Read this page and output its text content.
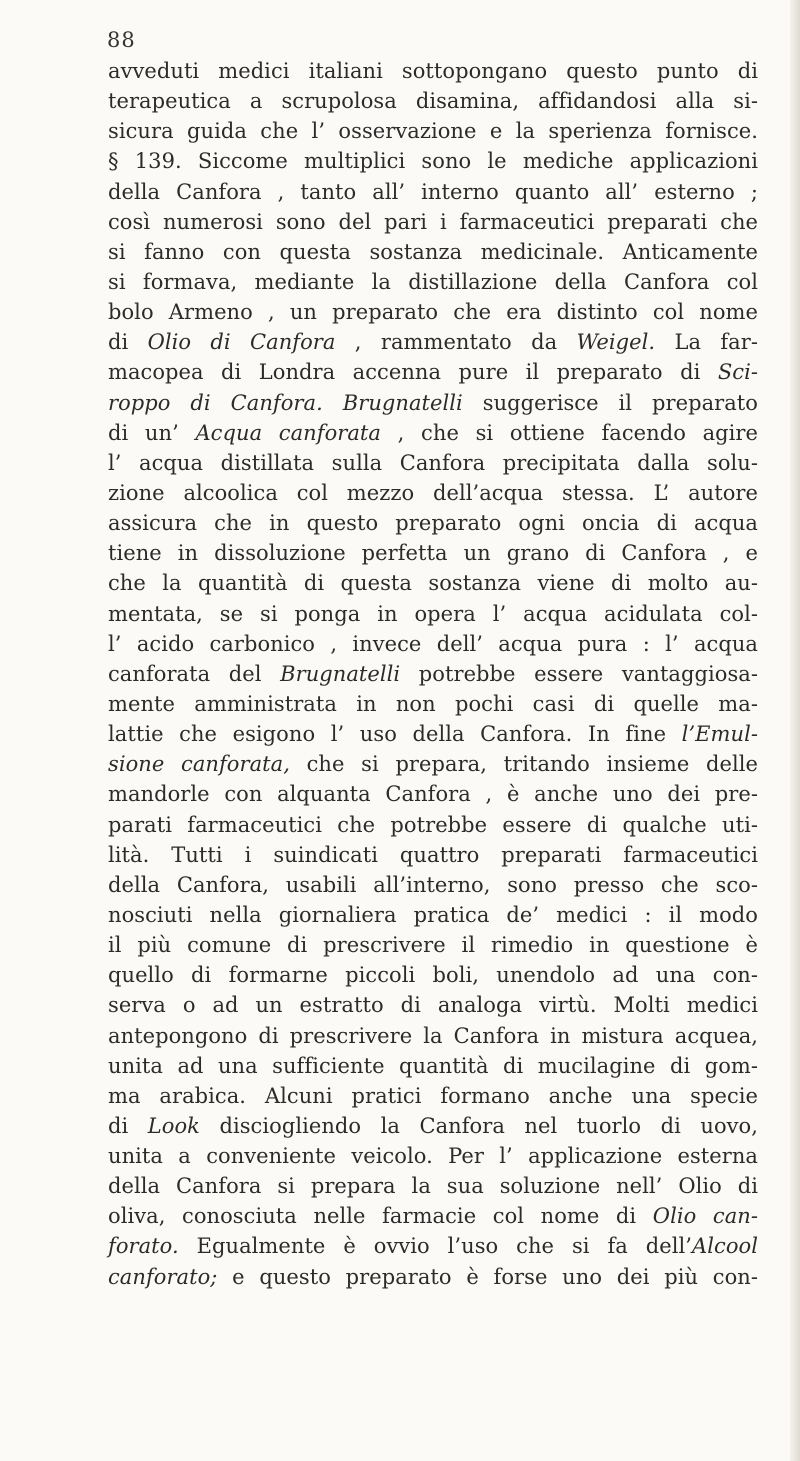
88
avveduti medici italiani sottopongano questo punto di
terapeutica a scrupolosa disamina, affidandosi alla si-
sicura guida che l’ osservazione e la sperienza fornisce.
§ 139. Siccome multiplici sono le mediche applicazioni
della Canfora , tanto all’ interno quanto all’ esterno ;
così numerosi sono del pari i farmaceutici preparati che
si fanno con questa sostanza medicinale. Anticamente
si formava, mediante la distillazione della Canfora col
bolo Armeno , un preparato che era distinto col nome
di Olio di Canfora , rammentato da Weigel. La far-
macopea di Londra accenna pure il preparato di Sci-
roppo di Canfora. Brugnatelli suggerisce il preparato
di un’ Acqua canforata , che si ottiene facendo agire
l’ acqua distillata sulla Canfora precipitata dalla solu-
zione alcoolica col mezzo dell’acqua stessa. L’ autore
assicura che in questo preparato ogni oncia di acqua
tiene in dissoluzione perfetta un grano di Canfora , e
che la quantità di questa sostanza viene di molto au-
mentata, se si ponga in opera l’ acqua acidulata col-
l’ acido carbonico , invece dell’ acqua pura : l’ acqua
canforata del Brugnatelli potrebbe essere vantaggiosa-
mente amministrata in non pochi casi di quelle ma-
lattie che esigono l’ uso della Canfora. In fine l’Emul-
sione canforata, che si prepara, tritando insieme delle
mandorle con alquanta Canfora , è anche uno dei pre-
parati farmaceutici che potrebbe essere di qualche uti-
lità. Tutti i suindicati quattro preparati farmaceutici
della Canfora, usabili all’interno, sono presso che sco-
nosciuti nella giornaliera pratica de’ medici : il modo
il più comune di prescrivere il rimedio in questione è
quello di formarne piccoli boli, unendolo ad una con-
serva o ad un estratto di analoga virtù. Molti medici
antepongono di prescrivere la Canfora in mistura acquea,
unita ad una sufficiente quantità di mucilagine di gom-
ma arabica. Alcuni pratici formano anche una specie
di Look disciogliendo la Canfora nel tuorlo di uovo,
unita a conveniente veicolo. Per l’ applicazione esterna
della Canfora si prepara la sua soluzione nell’ Olio di
oliva, conosciuta nelle farmacie col nome di Olio can-
forato. Egualmente è ovvio l’uso che si fa dell’Alcool
canforato; e questo preparato è forse uno dei più con-
